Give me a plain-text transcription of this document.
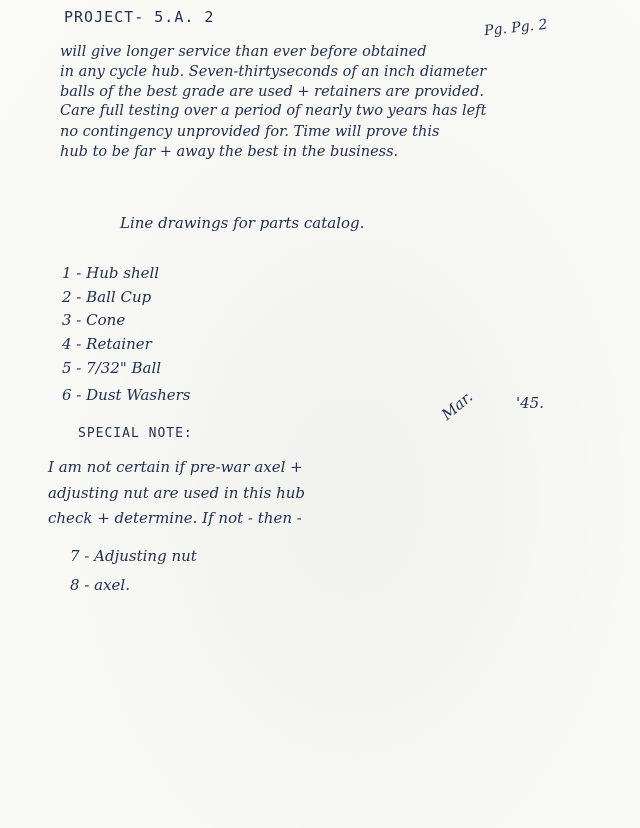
PROJECT- 5.A. 2	Pg. Pg. 2
will give longer service than ever before obtained
in any cycle hub. Seven-thirtyseconds of an inch diameter
balls of the best grade are used + retainers are provided.
Care full testing over a period of nearly two years has left
no contingency unprovided for. Time will prove this
hub to be far + away the best in the business.
Line drawings for parts catalog.
1 - Hub shell
2 - Ball Cup
3 - Cone
4 - Retainer
5 - 7/32" Ball
6 - Dust Washers
SPECIAL NOTE:
I am not certain if pre-war axel +
adjusting nut are used in this hub
check + determine. If not - then -
7 - Adjusting nut
8 - axel.
Mar.	'45.
